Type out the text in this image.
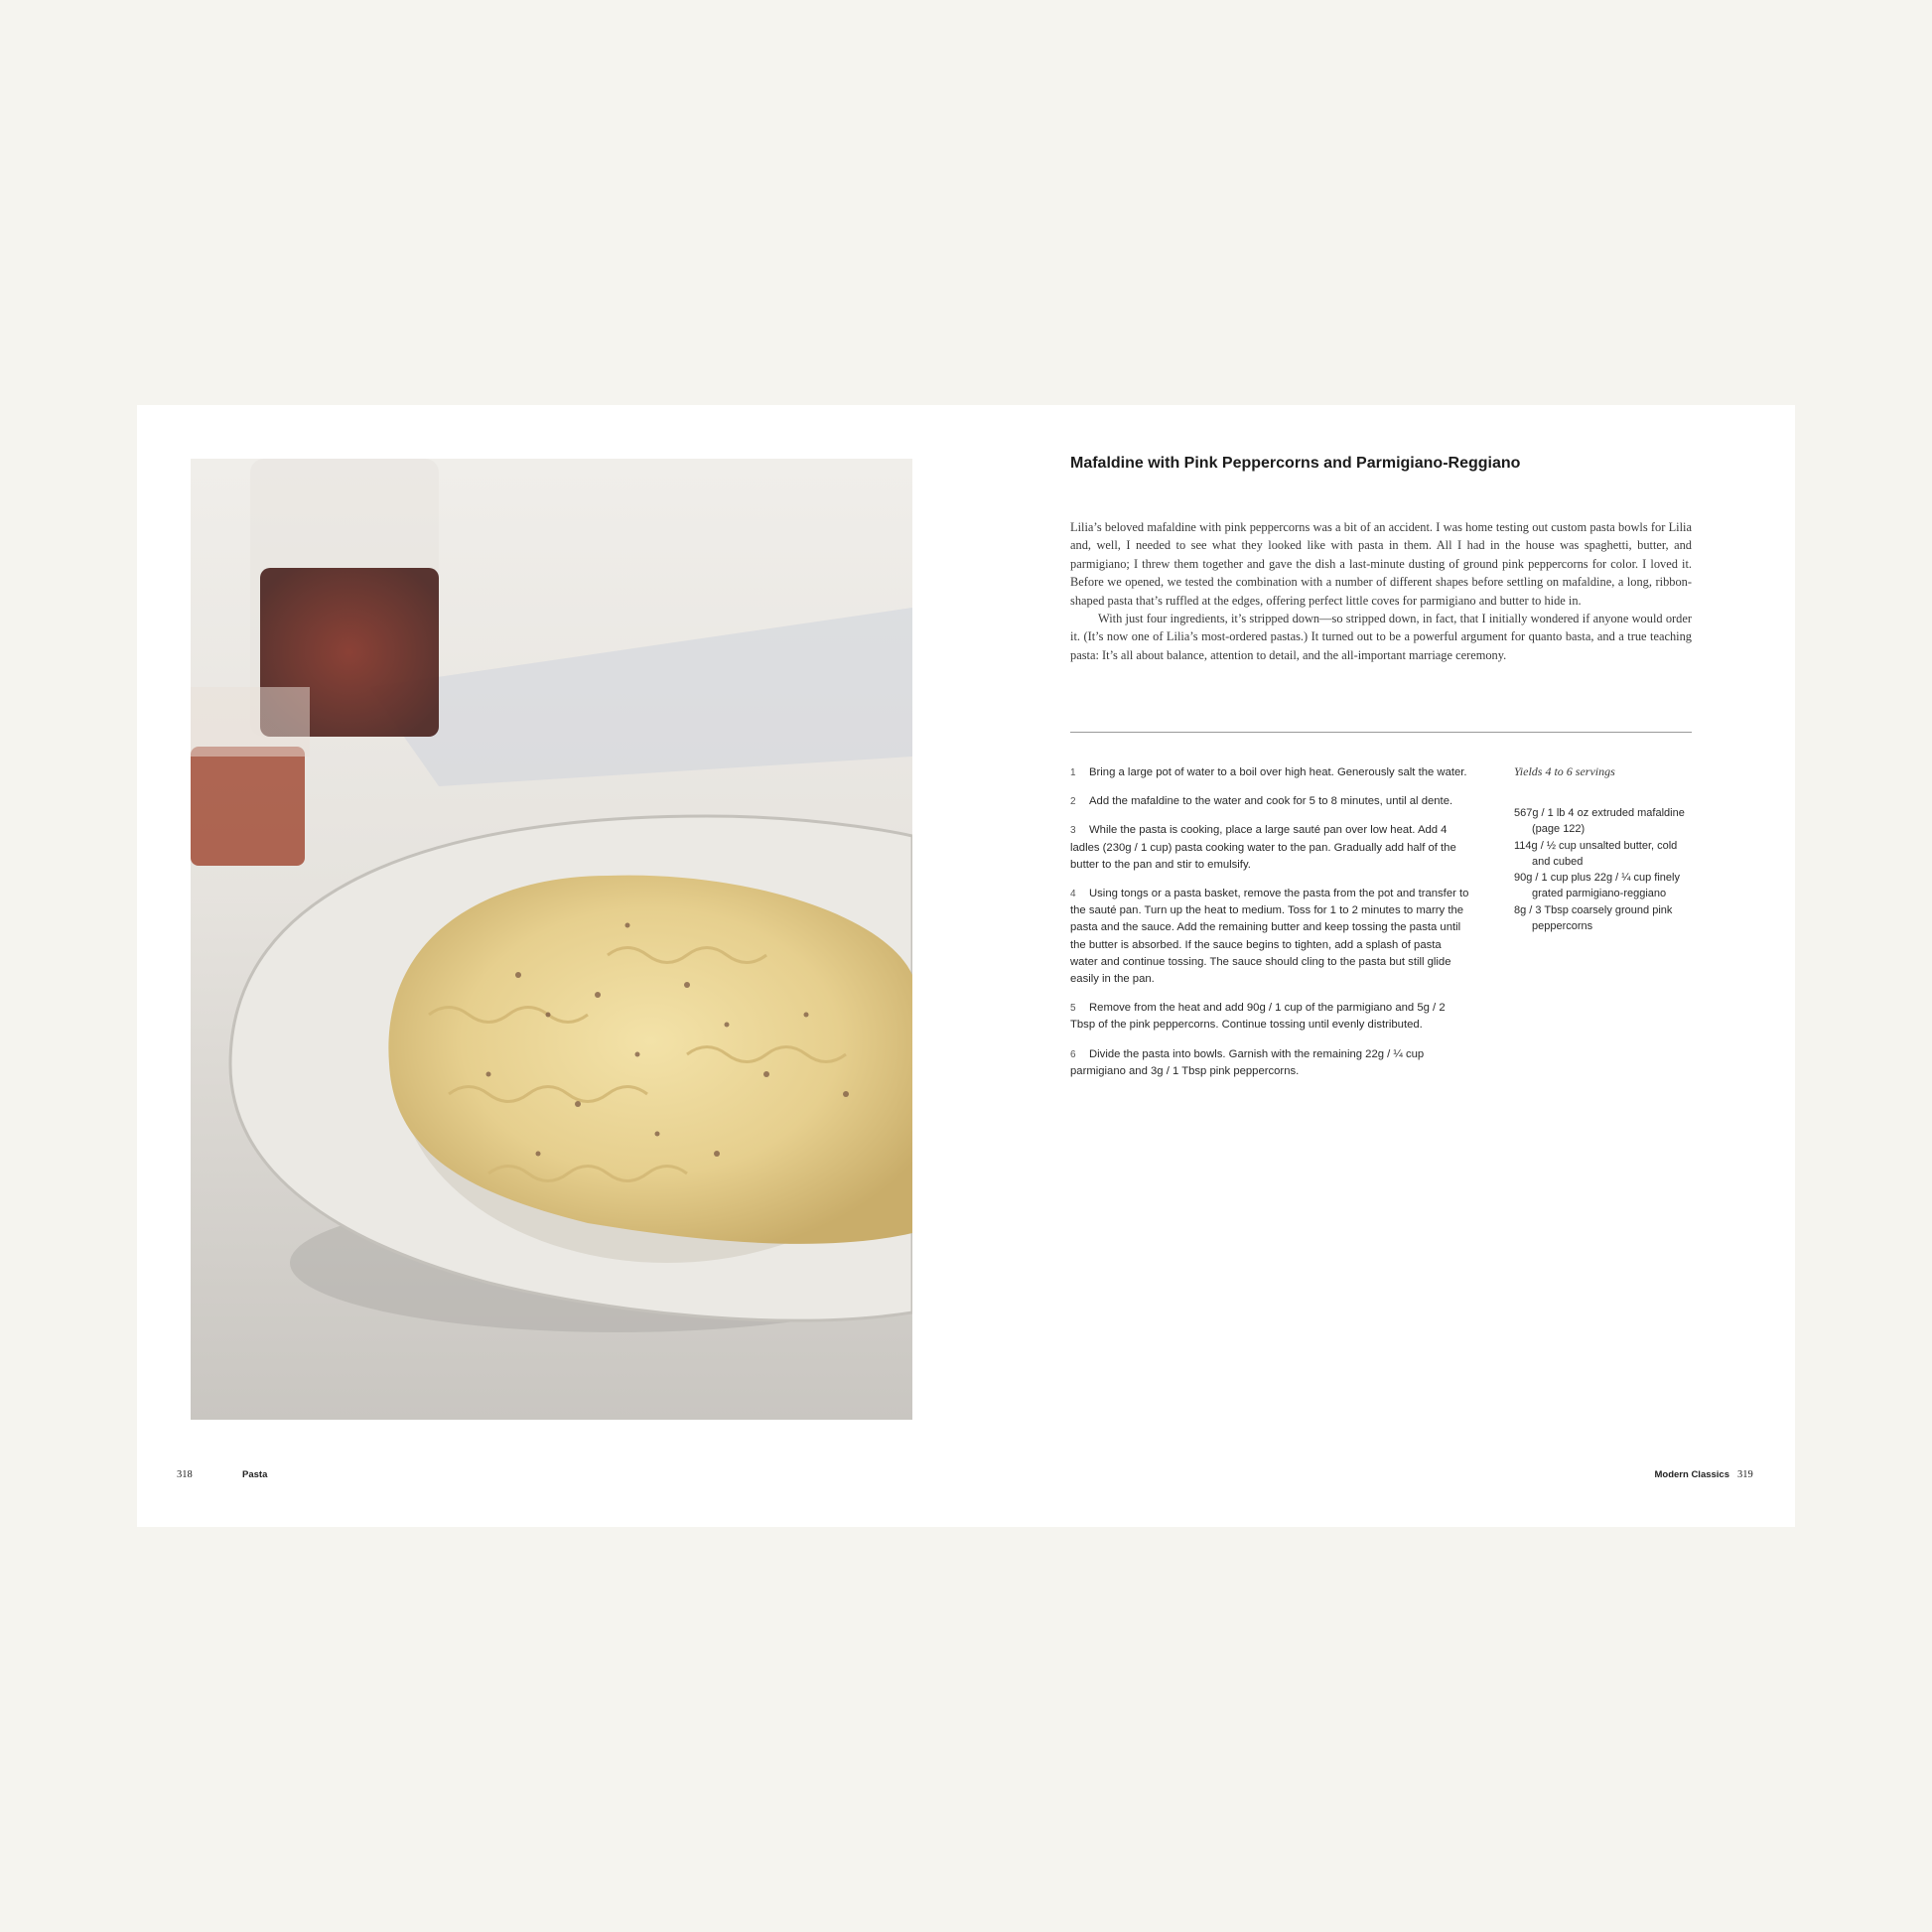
Mafaldine with Pink Peppercorns and Parmigiano-Reggiano

Lilia’s beloved mafaldine with pink peppercorns was a bit of an accident. I was home testing out custom pasta bowls for Lilia and, well, I needed to see what they looked like with pasta in them. All I had in the house was spaghetti, butter, and parmigiano; I threw them together and gave the dish a last-minute dusting of ground pink peppercorns for color. I loved it. Before we opened, we tested the combination with a number of different shapes before settling on mafaldine, a long, ribbon-shaped pasta that’s ruffled at the edges, offering perfect little coves for parmigiano and butter to hide in.

With just four ingredients, it’s stripped down—so stripped down, in fact, that I initially wondered if anyone would order it. (It’s now one of Lilia’s most-ordered pastas.) It turned out to be a powerful argument for quanto basta, and a true teaching pasta: It’s all about balance, attention to detail, and the all-important marriage ceremony.

1 Bring a large pot of water to a boil over high heat. Generously salt the water.
2 Add the mafaldine to the water and cook for 5 to 8 minutes, until al dente.
3 While the pasta is cooking, place a large sauté pan over low heat. Add 4 ladles (230g / 1 cup) pasta cooking water to the pan. Gradually add half of the butter to the pan and stir to emulsify.
4 Using tongs or a pasta basket, remove the pasta from the pot and transfer to the sauté pan. Turn up the heat to medium. Toss for 1 to 2 minutes to marry the pasta and the sauce. Add the remaining butter and keep tossing the pasta until the butter is absorbed. If the sauce begins to tighten, add a splash of pasta water and continue tossing. The sauce should cling to the pasta but still glide easily in the pan.
5 Remove from the heat and add 90g / 1 cup of the parmigiano and 5g / 2 Tbsp of the pink peppercorns. Continue tossing until evenly distributed.
6 Divide the pasta into bowls. Garnish with the remaining 22g / ¼ cup parmigiano and 3g / 1 Tbsp pink peppercorns.
Yields 4 to 6 servings

567g / 1 lb 4 oz extruded mafaldine (page 122)

114g / ½ cup unsalted butter, cold and cubed

90g / 1 cup plus 22g / ¼ cup finely grated parmigiano-reggiano

8g / 3 Tbsp coarsely ground pink peppercorns

318	Pasta	Modern Classics 319
